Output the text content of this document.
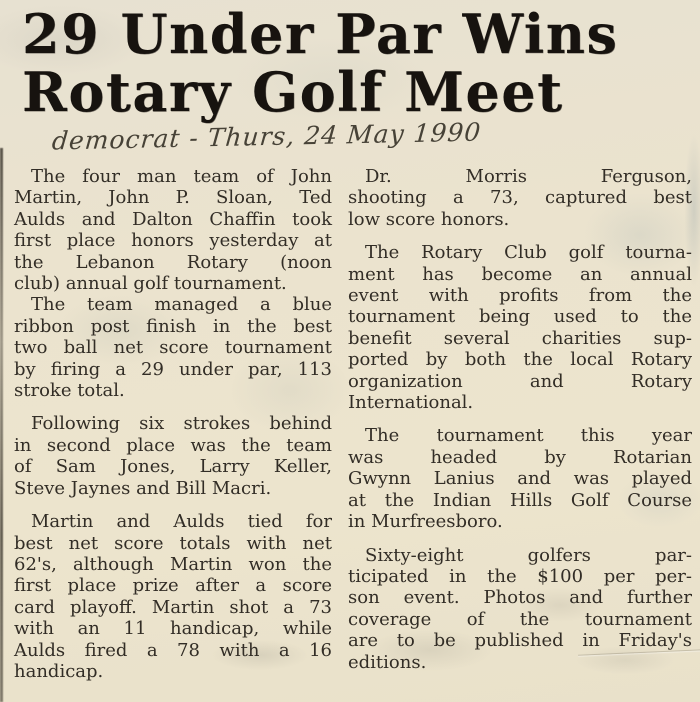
29 Under Par Wins
Rotary Golf Meet
democrat - Thurs, 24 May 1990
The four man team of John
Martin, John P. Sloan, Ted
Aulds and Dalton Chaffin took
first place honors yesterday at
the Lebanon Rotary (noon
club) annual golf tournament.
The team managed a blue
ribbon post finish in the best
two ball net score tournament
by firing a 29 under par, 113
stroke total.
Following six strokes behind
in second place was the team
of Sam Jones, Larry Keller,
Steve Jaynes and Bill Macri.
Martin and Aulds tied for
best net score totals with net
62's, although Martin won the
first place prize after a score
card playoff. Martin shot a 73
with an 11 handicap, while
Aulds fired a 78 with a 16
handicap.
Dr. Morris Ferguson,
shooting a 73, captured best
low score honors.
The Rotary Club golf tourna-
ment has become an annual
event with profits from the
tournament being used to the
benefit several charities sup-
ported by both the local Rotary
organization and Rotary
International.
The tournament this year
was headed by Rotarian
Gwynn Lanius and was played
at the Indian Hills Golf Course
in Murfreesboro.
Sixty-eight golfers par-
ticipated in the $100 per per-
son event. Photos and further
coverage of the tournament
are to be published in Friday's
editions.
